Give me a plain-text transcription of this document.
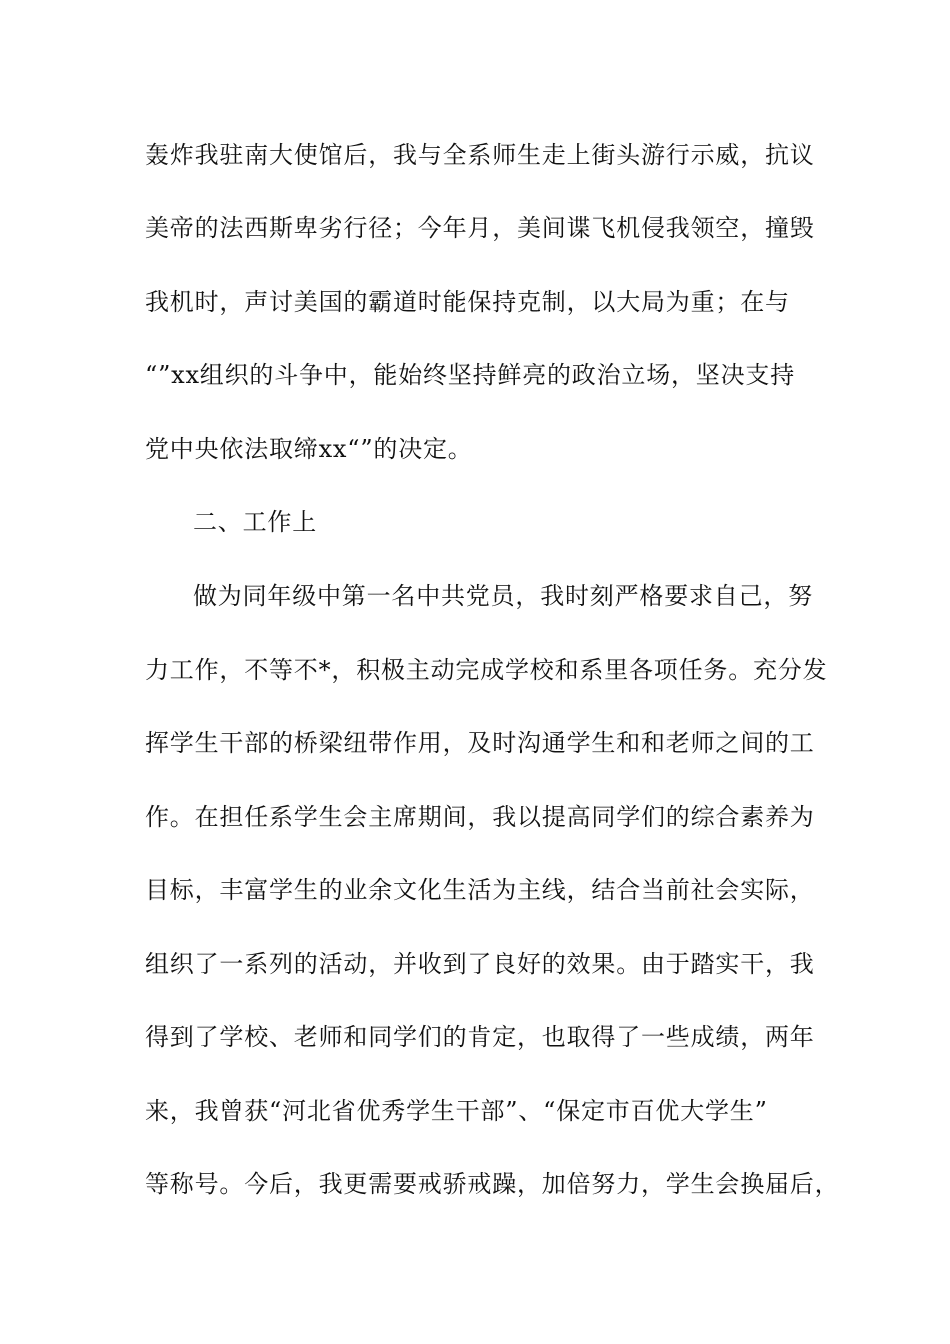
轰炸我驻南大使馆后，我与全系师生走上街头游行示威，抗议
美帝的法西斯卑劣行径；今年月，美间谍飞机侵我领空，撞毁
我机时，声讨美国的霸道时能保持克制，以大局为重；在与
“”xx组织的斗争中，能始终坚持鲜亮的政治立场，坚决支持
党中央依法取缔xx“”的决定。
二、工作上
做为同年级中第一名中共党员，我时刻严格要求自己，努
力工作，不等不*，积极主动完成学校和系里各项任务。充分发
挥学生干部的桥梁纽带作用，及时沟通学生和和老师之间的工
作。在担任系学生会主席期间，我以提高同学们的综合素养为
目标，丰富学生的业余文化生活为主线，结合当前社会实际，
组织了一系列的活动，并收到了良好的效果。由于踏实干，我
得到了学校、老师和同学们的肯定，也取得了一些成绩，两年
来，我曾获“河北省优秀学生干部”、“保定市百优大学生”
等称号。今后，我更需要戒骄戒躁，加倍努力，学生会换届后，
